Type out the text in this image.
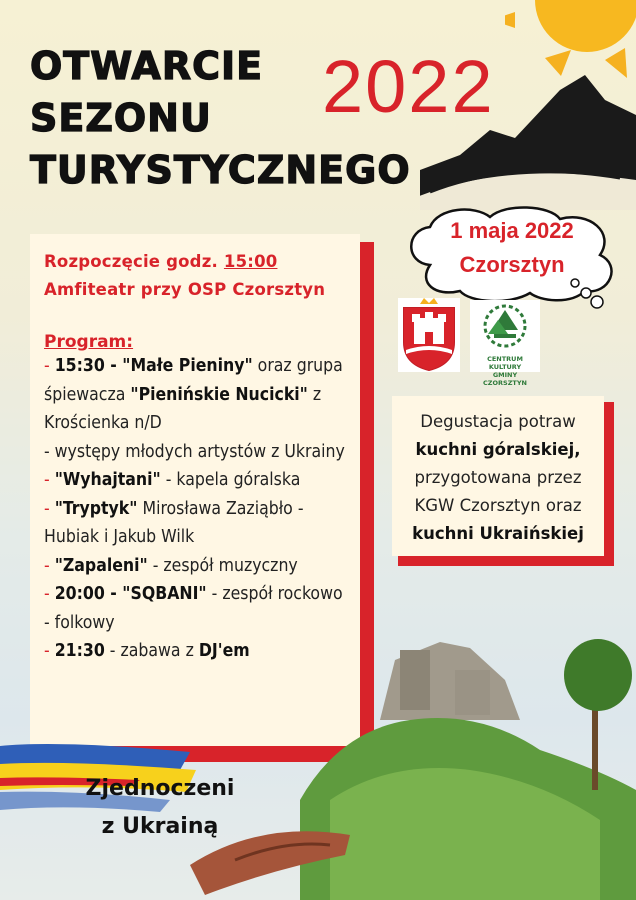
OTWARCIE
SEZONU
TURYSTYCZNEGO
2022
1 maja 2022
Czorsztyn
Rozpoczęcie godz. 15:00
Amfiteatr przy OSP Czorsztyn
Program:
- 15:30 - "Małe Pieniny" oraz grupa śpiewacza "Pienińskie Nucicki" z Krościenka n/D
- występy młodych artystów z Ukrainy
- "Wyhajtani" - kapela góralska
- "Tryptyk" Mirosława Zaziąbło - Hubiak i Jakub Wilk
- "Zapaleni" - zespół muzyczny
- 20:00 - "SQBANI" - zespół rockowo - folkowy
- 21:30 - zabawa z DJ'em
CENTRUM KULTURY
GMINY CZORSZTYN
Degustacja potraw
kuchni góralskiej,
przygotowana przez
KGW Czorsztyn oraz
kuchni Ukraińskiej
Zjednoczeni
z Ukrainą
